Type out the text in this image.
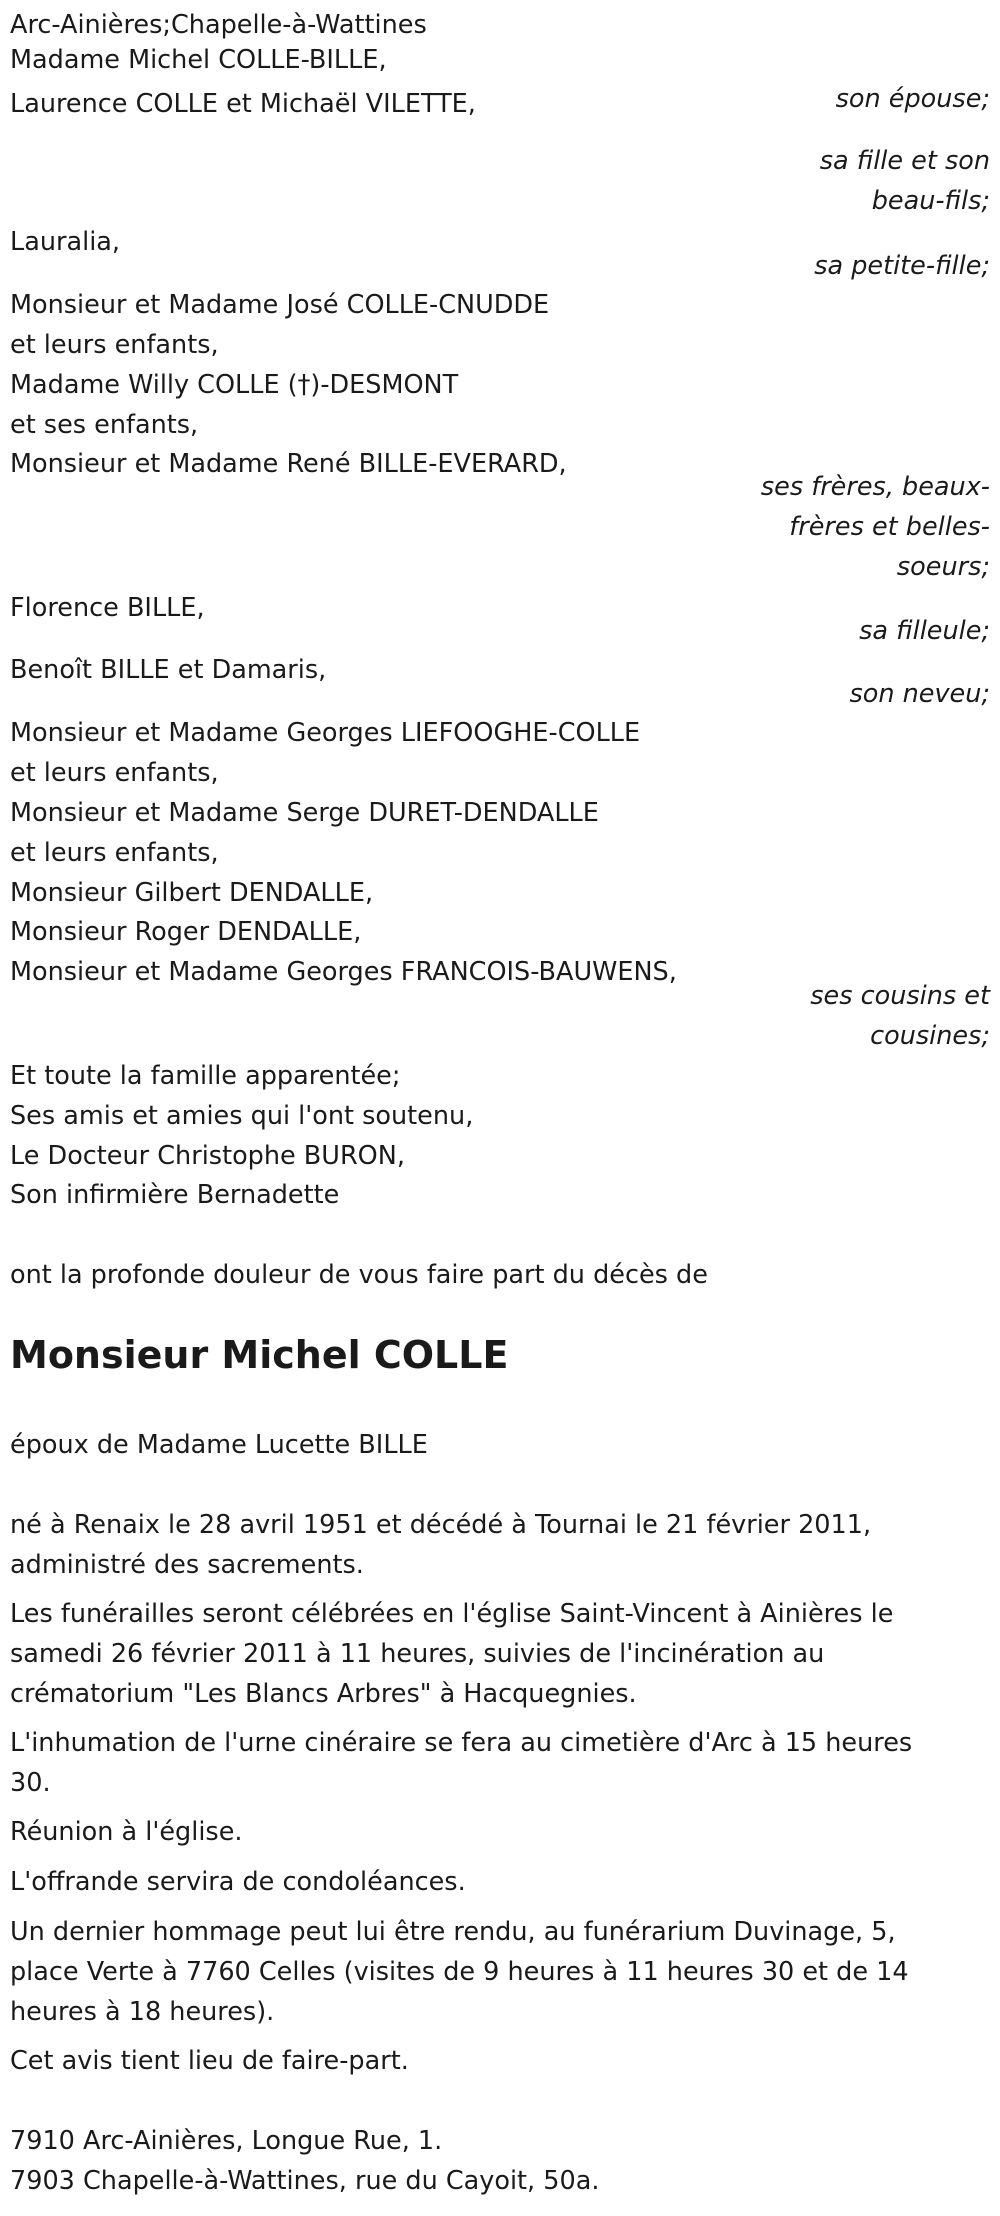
Arc-Ainières;Chapelle-à-Wattines
Madame Michel COLLE-BILLE,
son épouse;
Laurence COLLE et Michaël VILETTE,
sa fille et son
beau-fils;
Lauralia,
sa petite-fille;
Monsieur et Madame José COLLE-CNUDDE
et leurs enfants,
Madame Willy COLLE (†)-DESMONT
et ses enfants,
Monsieur et Madame René BILLE-EVERARD,
ses frères, beaux-
frères et belles-
soeurs;
Florence BILLE,
sa filleule;
Benoît BILLE et Damaris,
son neveu;
Monsieur et Madame Georges LIEFOOGHE-COLLE
et leurs enfants,
Monsieur et Madame Serge DURET-DENDALLE
et leurs enfants,
Monsieur Gilbert DENDALLE,
Monsieur Roger DENDALLE,
Monsieur et Madame Georges FRANCOIS-BAUWENS,
ses cousins et
cousines;
Et toute la famille apparentée;
Ses amis et amies qui l'ont soutenu,
Le Docteur Christophe BURON,
Son infirmière Bernadette
ont la profonde douleur de vous faire part du décès de
Monsieur Michel COLLE
époux de Madame Lucette BILLE
né à Renaix le 28 avril 1951 et décédé à Tournai le 21 février 2011,
administré des sacrements.
Les funérailles seront célébrées en l'église Saint-Vincent à Ainières le
samedi 26 février 2011 à 11 heures, suivies de l'incinération au
crématorium "Les Blancs Arbres" à Hacquegnies.
L'inhumation de l'urne cinéraire se fera au cimetière d'Arc à 15 heures
30.
Réunion à l'église.
L'offrande servira de condoléances.
Un dernier hommage peut lui être rendu, au funérarium Duvinage, 5,
place Verte à 7760 Celles (visites de 9 heures à 11 heures 30 et de 14
heures à 18 heures).
Cet avis tient lieu de faire-part.
7910 Arc-Ainières, Longue Rue, 1.
7903 Chapelle-à-Wattines, rue du Cayoit, 50a.
